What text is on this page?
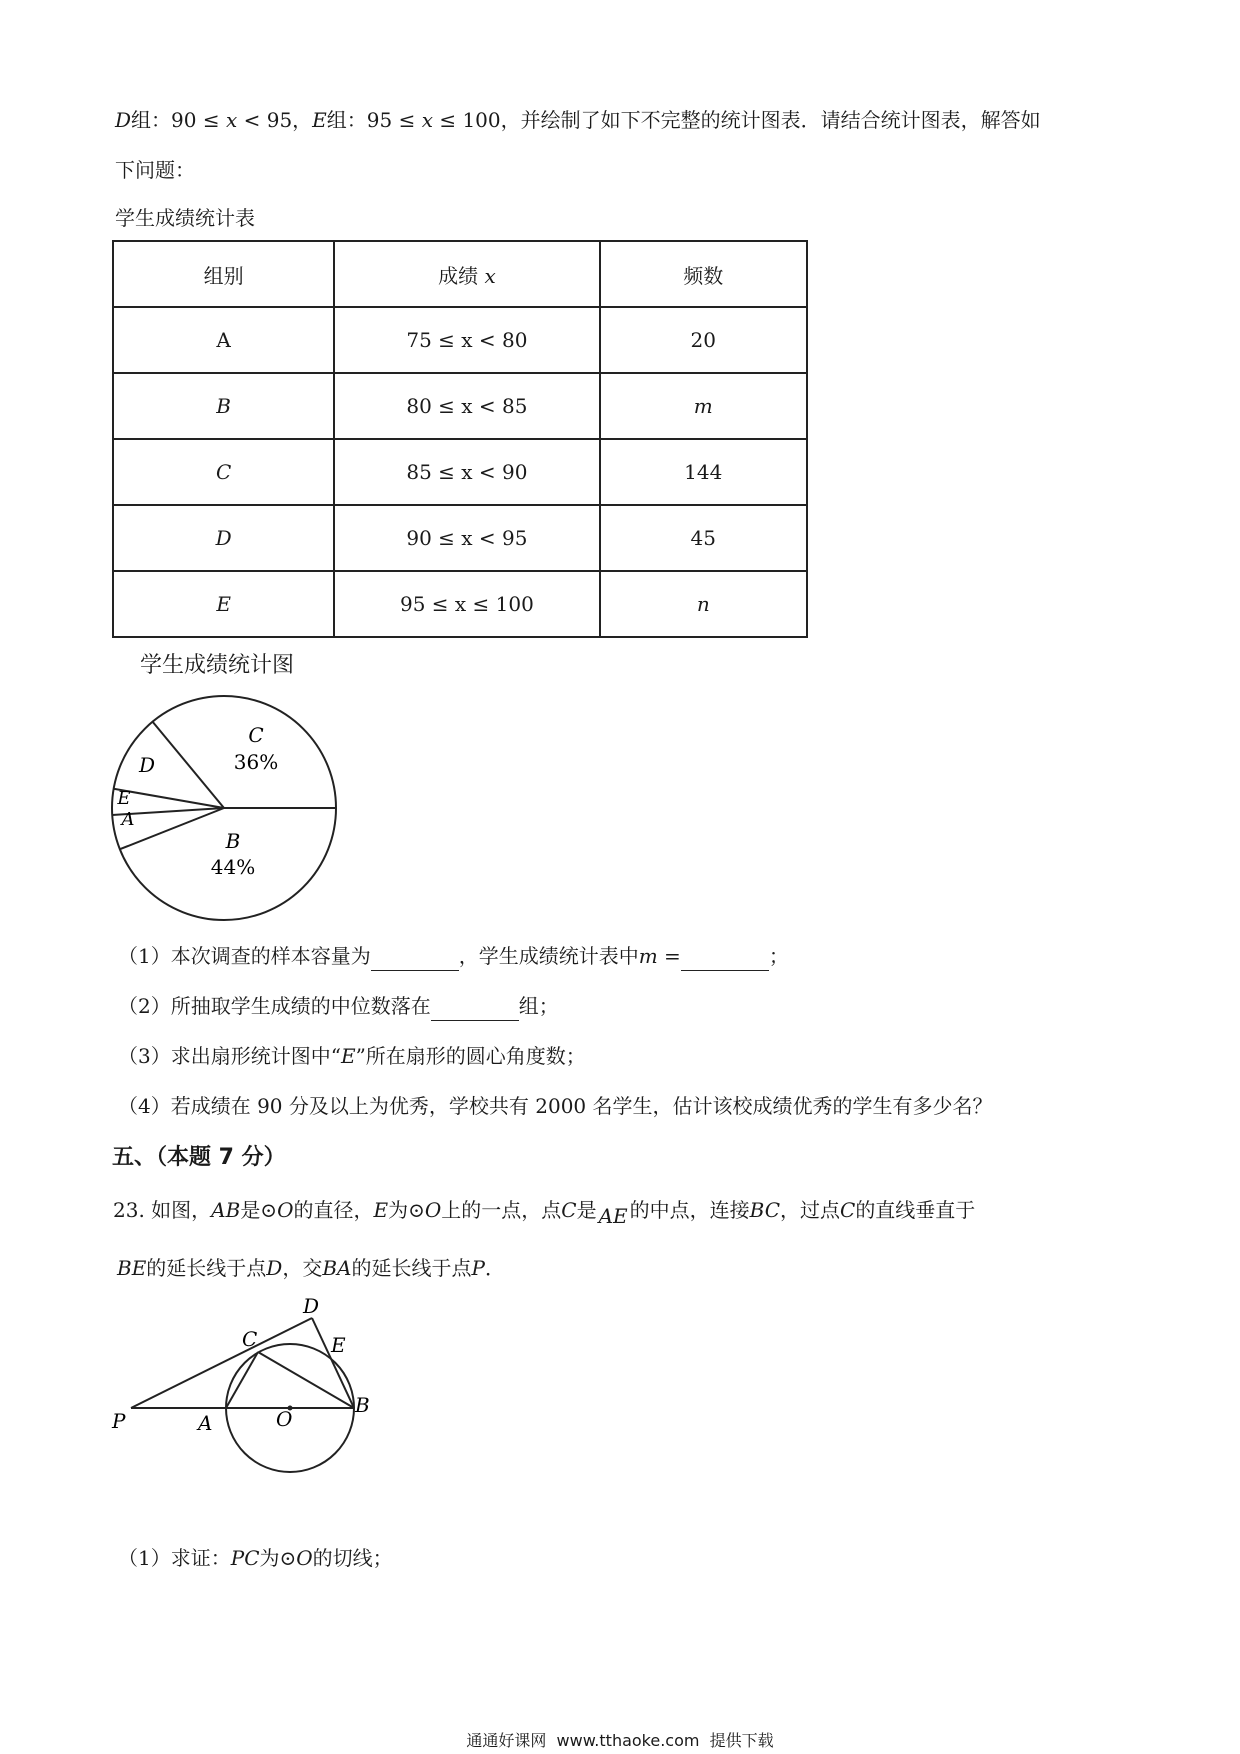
D组：90 ≤ x < 95，E组：95 ≤ x ≤ 100，并绘制了如下不完整的统计图表．请结合统计图表，解答如
下问题：
学生成绩统计表
组别	成绩 x	频数
A	75 ≤ x < 80	20
B	80 ≤ x < 85	m
C	85 ≤ x < 90	144
D	90 ≤ x < 95	45
E	95 ≤ x ≤ 100	n
学生成绩统计图
C
36%
B
44%
D
E
A
（1）本次调查的样本容量为	，学生成绩统计表中m =	；
（2）所抽取学生成绩的中位数落在	组；
（3）求出扇形统计图中“E”所在扇形的圆心角度数；
（4）若成绩在 90 分及以上为优秀，学校共有 2000 名学生，估计该校成绩优秀的学生有多少名？
五、（本题 7 分）
23. 如图，AB是⊙O的直径，E为⊙O上的一点，点C是 AE 的中点，连接BC，过点C的直线垂直于
BE的延长线于点D，交BA的延长线于点P．
P	A	O
B
C
D
E
（1）求证：PC为⊙O的切线；
通通好课网  www.tthaoke.com  提供下载
